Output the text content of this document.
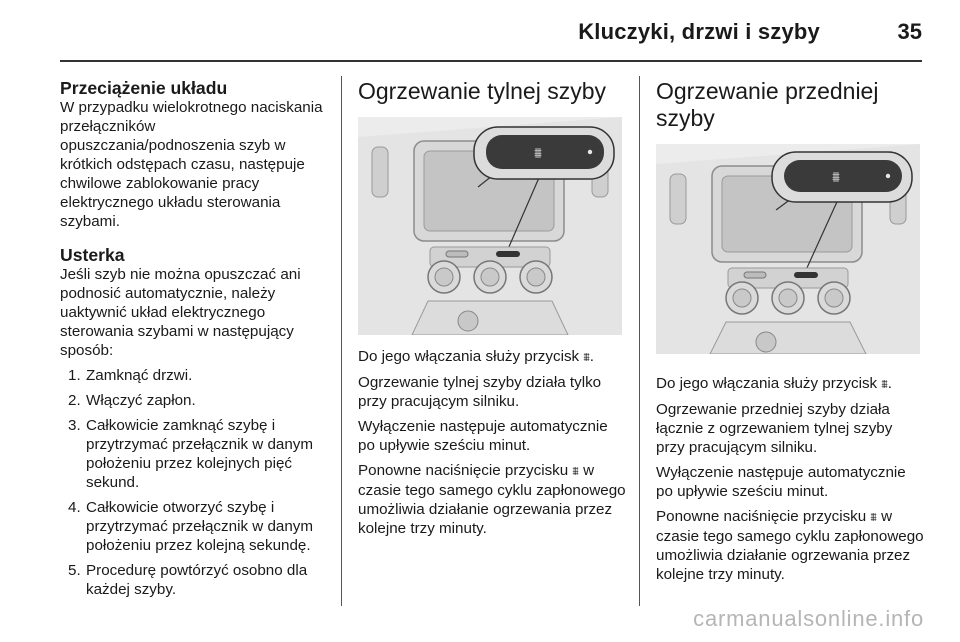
Kluczyki, drzwi i szyby	35
Przeciążenie układu

W przypadku wielokrotnego naciskania przełączników opuszczania/podnoszenia szyb w krótkich odstępach czasu, następuje chwilowe zablokowanie pracy elektrycznego układu sterowania szybami.

Usterka

Jeśli szyb nie można opuszczać ani podnosić automatycznie, należy uaktywnić układ elektrycznego sterowania szybami w następujący sposób:

1. Zamknąć drzwi.
2. Włączyć zapłon.
3. Całkowicie zamknąć szybę i przytrzymać przełącznik w danym położeniu przez kolejnych pięć sekund.
4. Całkowicie otworzyć szybę i przytrzymać przełącznik w danym położeniu przez kolejną sekundę.
5. Procedurę powtórzyć osobno dla każdej szyby.
Ogrzewanie tylnej szyby
⩩

Do jego włączania służy przycisk ⩩.

Ogrzewanie tylnej szyby działa tylko przy pracującym silniku.

Wyłączenie następuje automatycznie po upływie sześciu minut.

Ponowne naciśnięcie przycisku ⩩ w czasie tego samego cyklu zapłonowego umożliwia działanie ogrzewania przez kolejne trzy minuty.

Ogrzewanie przedniej szyby
⩩

Do jego włączania służy przycisk ⩩.

Ogrzewanie przedniej szyby działa łącznie z ogrzewaniem tylnej szyby przy pracującym silniku.

Wyłączenie następuje automatycznie po upływie sześciu minut.

Ponowne naciśnięcie przycisku ⩩ w czasie tego samego cyklu zapłonowego umożliwia działanie ogrzewania przez kolejne trzy minuty.

carmanualsonline.info
